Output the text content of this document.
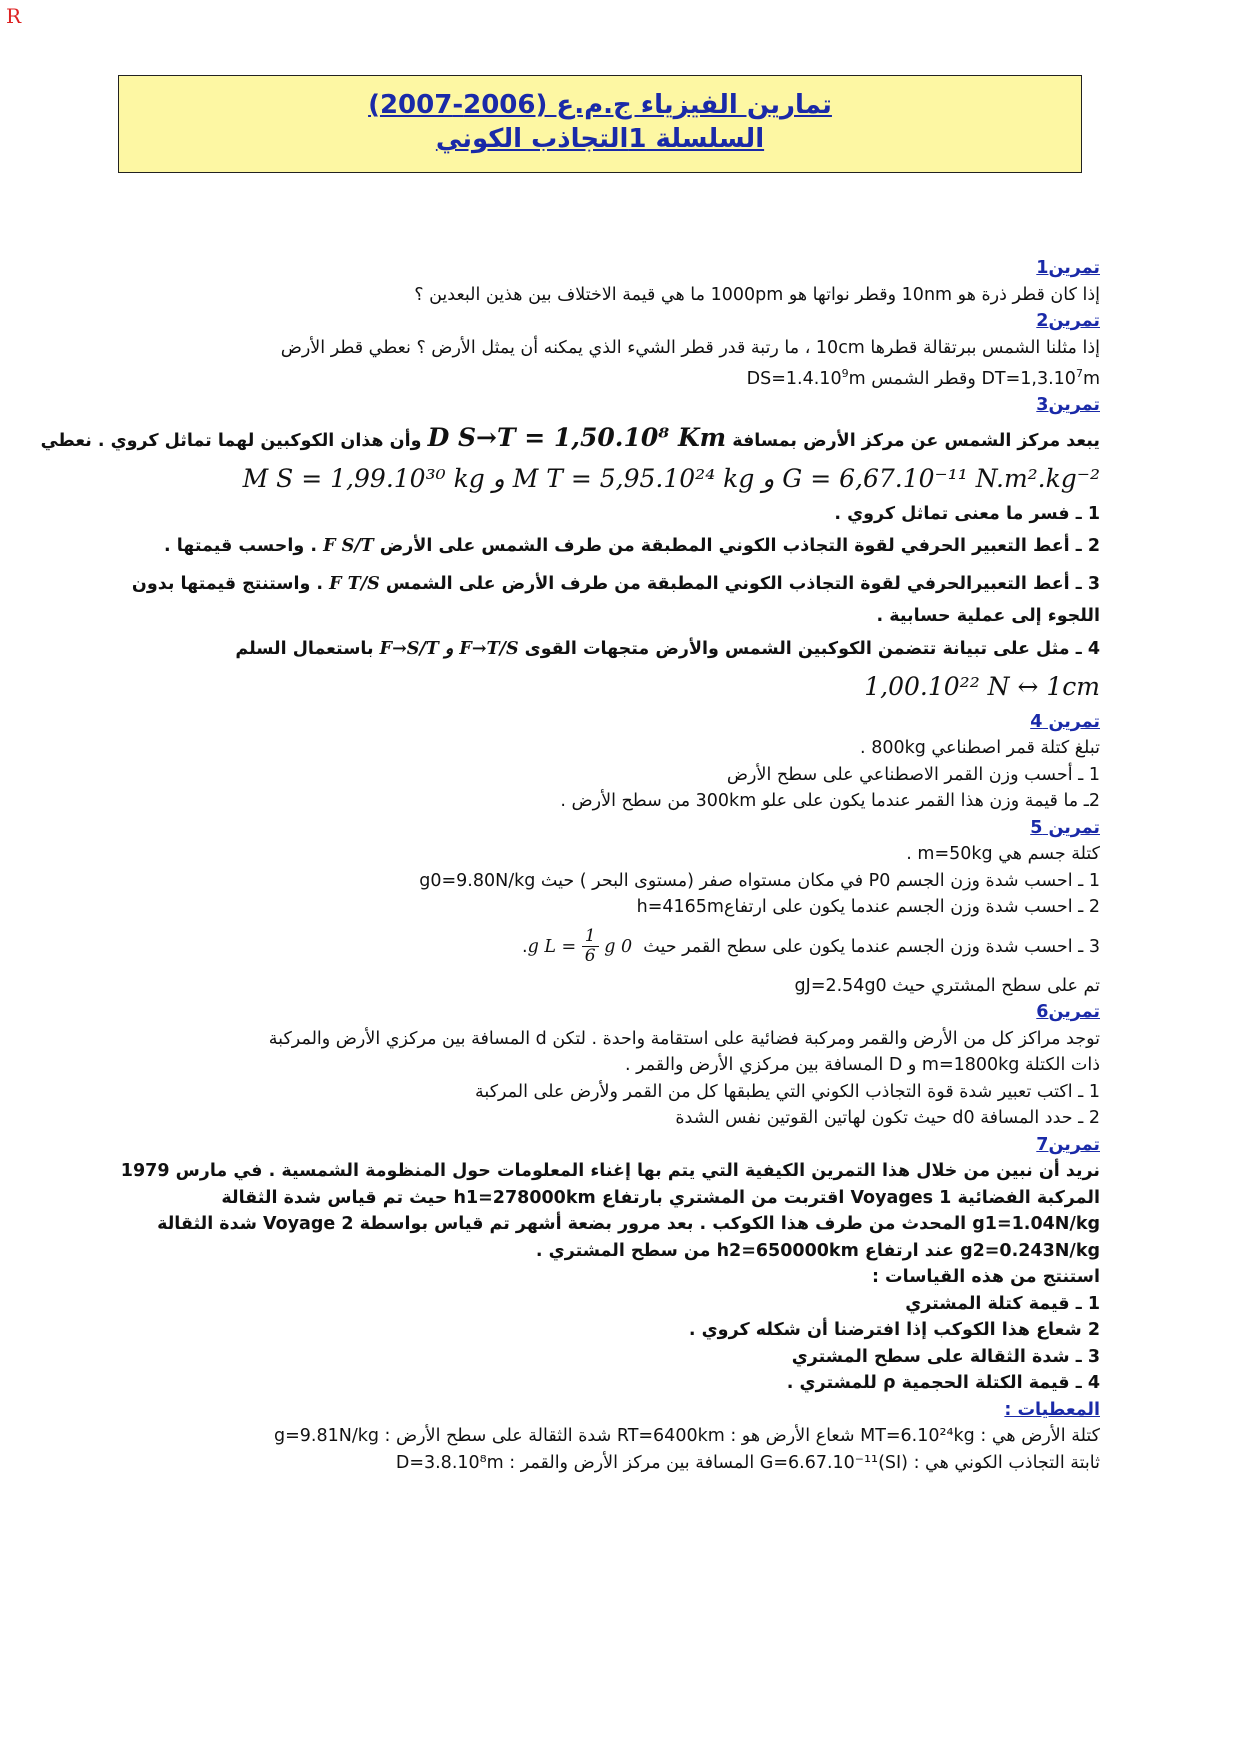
R
تمارين الفيزياء ج.م.ع (2006-2007)
السلسلة 1التجاذب الكوني

تمرين1

إذا كان قطر ذرة هو 10nm وقطر نواتها هو 1000pm ما هي قيمة الاختلاف بين هذين البعدين ؟

تمرين2

إذا مثلنا الشمس ببرتقالة قطرها 10cm ، ما رتبة قدر قطر الشيء الذي يمكنه أن يمثل الأرض ؟ نعطي قطر الأرض

$DT=1,3.10^7m$ وقطر الشمس $DS=1.4.10^9m$

تمرين3

يبعد مركز الشمس عن مركز الأرض بمسافة D S→T = 1,50.10⁸ Km وأن هذان الكوكبين لهما تماثل كروي . نعطي

M S = 1,99.10³⁰ kg و M T = 5,95.10²⁴ kg و G = 6,67.10⁻¹¹ N.m².kg⁻²

1 ـ فسر ما معنى تماثل كروي .

2 ـ أعط التعبير الحرفي لقوة التجاذب الكوني المطبقة من طرف الشمس على الأرض F S/T . واحسب قيمتها .

3 ـ أعط التعبيرالحرفي لقوة التجاذب الكوني المطبقة من طرف الأرض على الشمس F T/S . واستنتج قيمتها بدون

اللجوء إلى عملية حسابية .

4 ـ مثل على تبيانة تتضمن الكوكبين الشمس والأرض متجهات القوى F→S/T و F→T/S باستعمال السلم

1,00.10²² N ↔ 1cm

تمرين 4

تبلغ كتلة قمر اصطناعي 800kg .

1 ـ أحسب وزن القمر الاصطناعي على سطح الأرض

2ـ ما قيمة وزن هذا القمر عندما يكون على علو 300km من سطح الأرض .

تمرين 5

كتلة جسم هي m=50kg .

1 ـ احسب شدة وزن الجسم P0 في مكان مستواه صفر (مستوى البحر ) حيث g0=9.80N/kg

2 ـ احسب شدة وزن الجسم عندما يكون على ارتفاعh=4165m

3 ـ احسب شدة وزن الجسم عندما يكون على سطح القمر حيث g $L = \frac{1}{6}$ g 0 .

تم على سطح المشتري حيث gJ=2.54g0

تمرين6

توجد مراكز كل من الأرض والقمر ومركبة فضائية على استقامة واحدة . لتكن d المسافة بين مركزي الأرض والمركبة

ذات الكتلة m=1800kg و D المسافة بين مركزي الأرض والقمر .

1 ـ اكتب تعبير شدة قوة التجاذب الكوني التي يطبقها كل من القمر ولأرض على المركبة

2 ـ حدد المسافة d0 حيث تكون لهاتين القوتين نفس الشدة

تمرين7

نريد أن نبين من خلال هذا التمرين الكيفية التي يتم بها إغناء المعلومات حول المنظومة الشمسية . في مارس 1979

المركبة الفضائية Voyages 1 اقتربت من المشتري بارتفاع h1=278000km حيث تم قياس شدة الثقالة

g1=1.04N/kg المحدث من طرف هذا الكوكب . بعد مرور بضعة أشهر تم قياس بواسطة Voyage 2 شدة الثقالة

g2=0.243N/kg عند ارتفاع h2=650000km من سطح المشتري .

استنتج من هذه القياسات :

1 ـ قيمة كتلة المشتري

2 شعاع هذا الكوكب إذا افترضنا أن شكله كروي .

3 ـ شدة الثقالة على سطح المشتري

4 ـ قيمة الكتلة الحجمية ρ للمشتري .

المعطيات :

كتلة الأرض هي : MT=6.10²⁴kg شعاع الأرض هو : RT=6400km شدة الثقالة على سطح الأرض : g=9.81N/kg

ثابتة التجاذب الكوني هي : G=6.67.10⁻¹¹(SI) المسافة بين مركز الأرض والقمر : D=3.8.10⁸m
